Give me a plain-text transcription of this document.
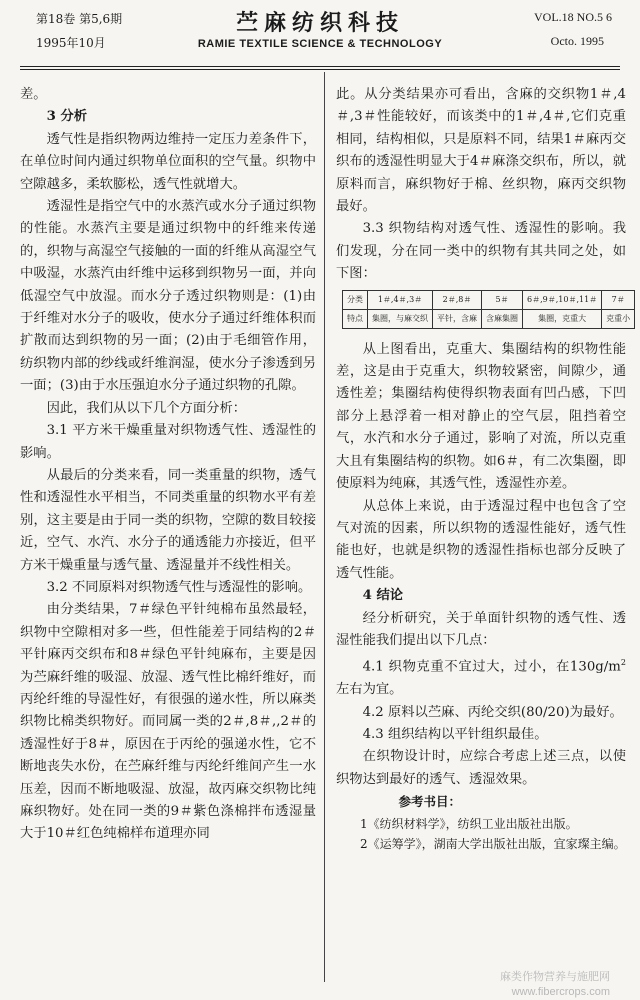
第18卷 第5,6期
1995年10月
苎麻纺织科技
RAMIE TEXTILE SCIENCE & TECHNOLOGY
VOL.18 NO.5 6
Octo. 1995

差。

3 分析

透气性是指织物两边维持一定压力差条件下，在单位时间内通过织物单位面积的空气量。织物中空隙越多，柔软膨松，透气性就增大。

透湿性是指空气中的水蒸汽或水分子通过织物的性能。水蒸汽主要是通过织物中的纤维来传递的，织物与高湿空气接触的一面的纤维从高湿空气中吸湿，水蒸汽由纤维中运移到织物另一面，并向低湿空气中放湿。而水分子透过织物则是：(1)由于纤维对水分子的吸收，使水分子通过纤维体积而扩散而达到织物的另一面；(2)由于毛细管作用，纺织物内部的纱线或纤维润湿，使水分子渗透到另一面；(3)由于水压强迫水分子通过织物的孔隙。

因此，我们从以下几个方面分析：

3.1 平方米干燥重量对织物透气性、透湿性的影响。

从最后的分类来看，同一类重量的织物，透气性和透湿性水平相当，不同类重量的织物水平有差别，这主要是由于同一类的织物，空隙的数目较接近，空气、水汽、水分子的通透能力亦接近，但平方米干燥重量与透气量、透湿量并不线性相关。

3.2 不同原料对织物透气性与透湿性的影响。

由分类结果，7＃绿色平针纯棉布虽然最轻，织物中空隙相对多一些，但性能差于同结构的2＃平针麻丙交织布和8＃绿色平针纯麻布，主要是因为苎麻纤维的吸湿、放湿、透气性比棉纤维好，而丙纶纤维的导湿性好，有很强的递水性，所以麻类织物比棉类织物好。而同属一类的2＃,8＃,,2＃的透湿性好于8＃，原因在于丙纶的强递水性，它不断地丧失水份，在苎麻纤维与丙纶纤维间产生一水压差，因而不断地吸湿、放湿，故丙麻交织物比纯麻织物好。处在同一类的9＃紫色涤棉拌布透湿量大于10＃红色纯棉样布道理亦同

此。从分类结果亦可看出，含麻的交织物1＃,4＃,3＃性能较好，而该类中的1＃,4＃,它们克重相同，结构相似，只是原料不同，结果1＃麻丙交织布的透湿性明显大于4＃麻涤交织布，所以，就原料而言，麻织物好于棉、丝织物，麻丙交织物最好。

3.3 织物结构对透气性、透湿性的影响。我们发现，分在同一类中的织物有其共同之处，如下图：

分类	1＃,4＃,3＃	2＃,8＃	5＃	6＃,9＃,10＃,11＃	7＃
特点	集圈，与麻交织	平针，含麻	含麻集圈	集圈，克重大	克重小

从上图看出，克重大、集圈结构的织物性能差，这是由于克重大，织物较紧密，间隙少，通透性差；集圈结构使得织物表面有凹凸感，下凹部分上悬浮着一相对静止的空气层，阻挡着空气，水汽和水分子通过，影响了对流，所以克重大且有集圈结构的织物。如6＃，有二次集圈，即使原料为纯麻，其透气性，透湿性亦差。

从总体上来说，由于透湿过程中也包含了空气对流的因素，所以织物的透湿性能好，透气性能也好，也就是织物的透湿性指标也部分反映了透气性能。

4 结论

经分析研究，关于单面针织物的透气性、透湿性能我们提出以下几点：

4.1 织物克重不宜过大，过小，在$130g/m^2$左右为宜。

4.2 原料以苎麻、丙纶交织(80/20)为最好。

4.3 组织结构以平针组织最佳。

在织物设计时，应综合考虑上述三点，以使织物达到最好的透气、透湿效果。

参考书目：

1《纺织材料学》，纺织工业出版社出版。

2《运筹学》，湖南大学出版社出版，宜家璨主编。

麻类作物营养与施肥网
www.fibercrops.com
